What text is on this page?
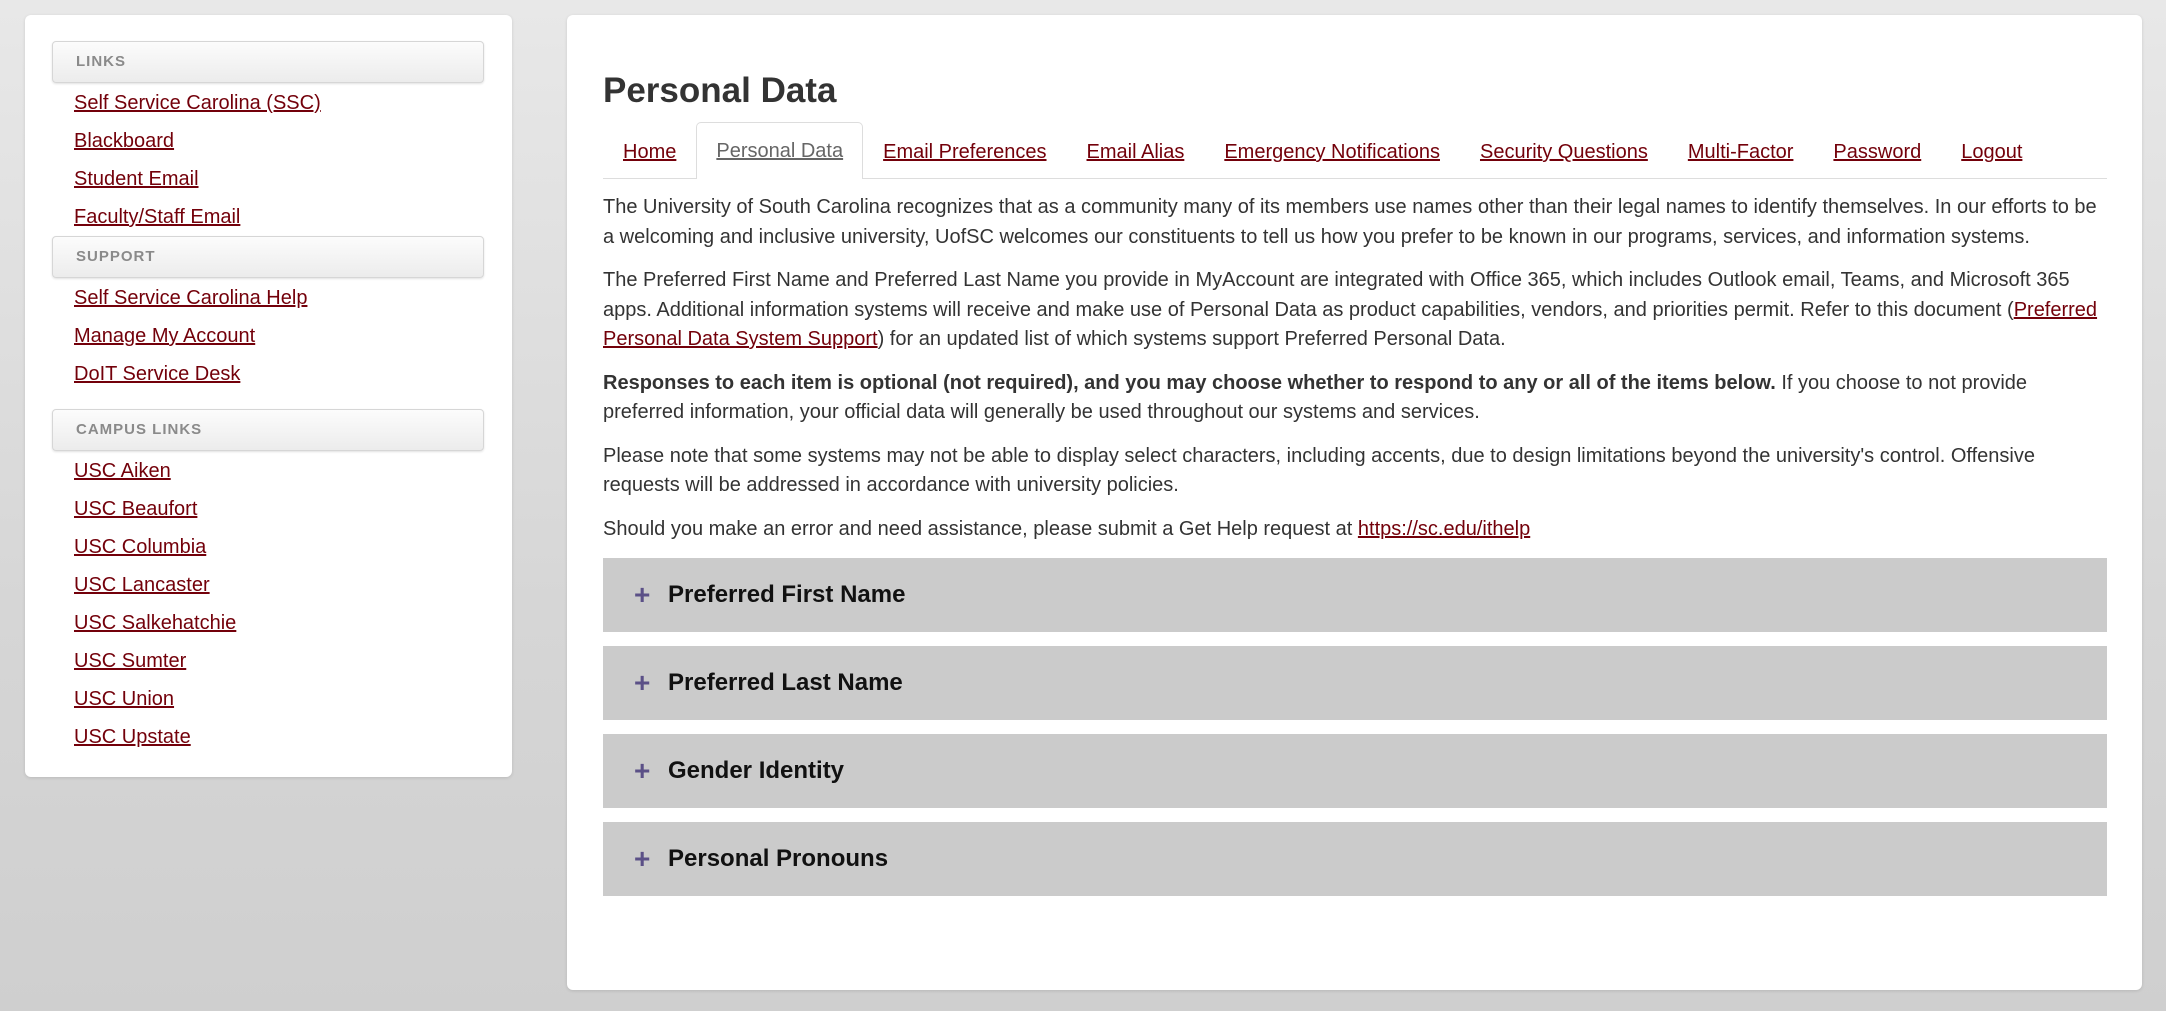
LINKS
Self Service Carolina (SSC)
Blackboard
Student Email
Faculty/Staff Email
SUPPORT
Self Service Carolina Help
Manage My Account
DoIT Service Desk
CAMPUS LINKS
USC Aiken
USC Beaufort
USC Columbia
USC Lancaster
USC Salkehatchie
USC Sumter
USC Union
USC Upstate
Personal Data
Home	Personal Data	Email Preferences	Email Alias	Emergency Notifications	Security Questions	Multi-Factor	Password	Logout

The University of South Carolina recognizes that as a community many of its members use names other than their legal names to identify themselves. In our efforts to be a welcoming and inclusive university, UofSC welcomes our constituents to tell us how you prefer to be known in our programs, services, and information systems.

The Preferred First Name and Preferred Last Name you provide in MyAccount are integrated with Office 365, which includes Outlook email, Teams, and Microsoft 365 apps. Additional information systems will receive and make use of Personal Data as product capabilities, vendors, and priorities permit. Refer to this document (Preferred Personal Data System Support) for an updated list of which systems support Preferred Personal Data.

Responses to each item is optional (not required), and you may choose whether to respond to any or all of the items below. If you choose to not provide preferred information, your official data will generally be used throughout our systems and services.

Please note that some systems may not be able to display select characters, including accents, due to design limitations beyond the university's control. Offensive requests will be addressed in accordance with university policies.

Should you make an error and need assistance, please submit a Get Help request at https://sc.edu/ithelp

+ Preferred First Name
+ Preferred Last Name
+ Gender Identity
+ Personal Pronouns
